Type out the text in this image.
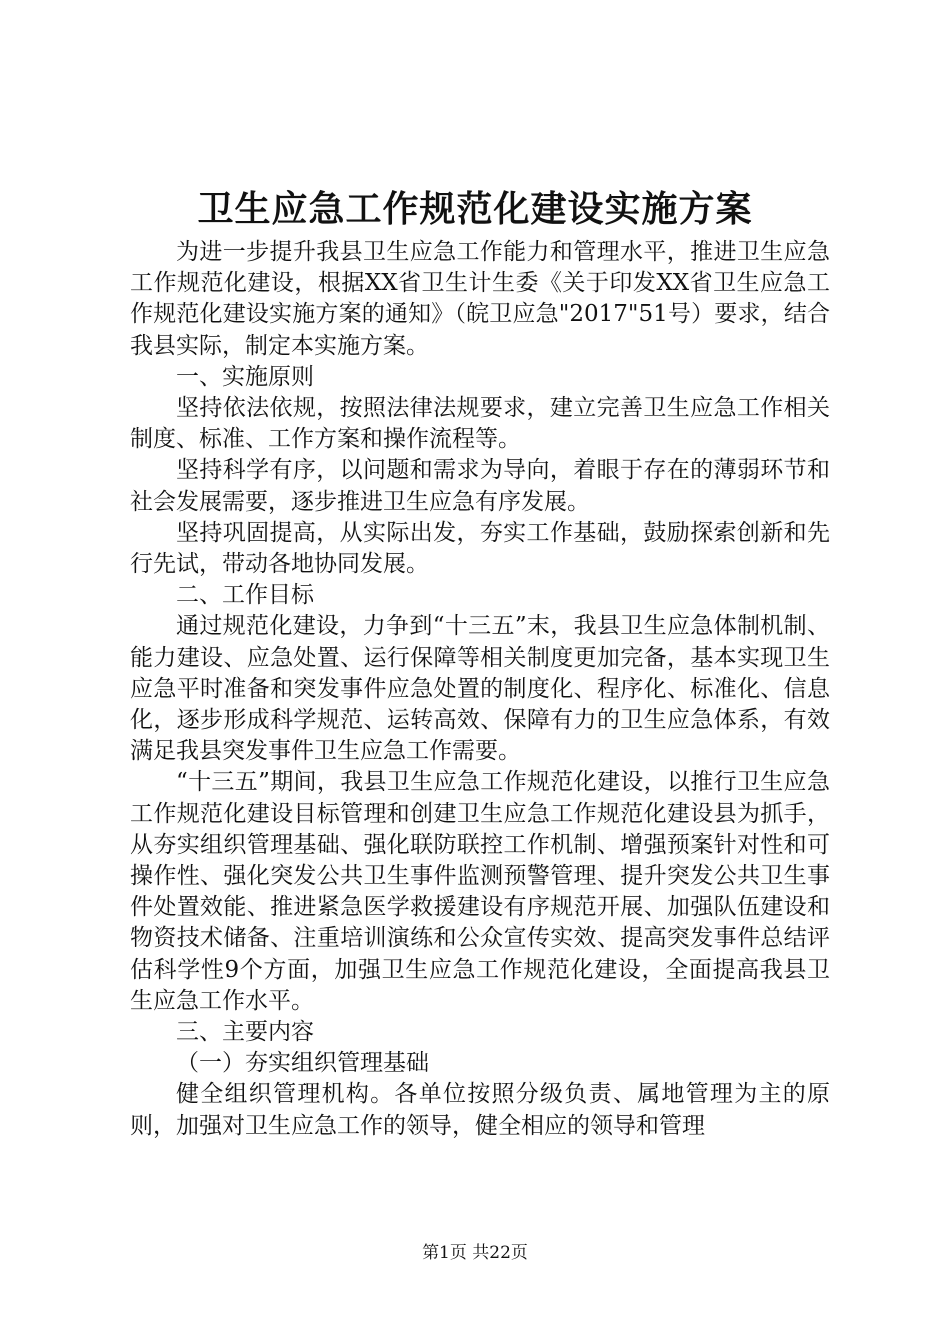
卫生应急工作规范化建设实施方案

为进一步提升我县卫生应急工作能力和管理水平，推进卫生应急工作规范化建设，根据XX省卫生计生委《关于印发XX省卫生应急工作规范化建设实施方案的通知》（皖卫应急"2017"51号）要求，结合我县实际，制定本实施方案。

一、实施原则

坚持依法依规，按照法律法规要求，建立完善卫生应急工作相关制度、标准、工作方案和操作流程等。

坚持科学有序，以问题和需求为导向，着眼于存在的薄弱环节和社会发展需要，逐步推进卫生应急有序发展。

坚持巩固提高，从实际出发，夯实工作基础，鼓励探索创新和先行先试，带动各地协同发展。

二、工作目标

通过规范化建设，力争到“十三五”末，我县卫生应急体制机制、能力建设、应急处置、运行保障等相关制度更加完备，基本实现卫生应急平时准备和突发事件应急处置的制度化、程序化、标准化、信息化，逐步形成科学规范、运转高效、保障有力的卫生应急体系，有效满足我县突发事件卫生应急工作需要。

“十三五”期间，我县卫生应急工作规范化建设，以推行卫生应急工作规范化建设目标管理和创建卫生应急工作规范化建设县为抓手，从夯实组织管理基础、强化联防联控工作机制、增强预案针对性和可操作性、强化突发公共卫生事件监测预警管理、提升突发公共卫生事件处置效能、推进紧急医学救援建设有序规范开展、加强队伍建设和物资技术储备、注重培训演练和公众宣传实效、提高突发事件总结评估科学性9个方面，加强卫生应急工作规范化建设，全面提高我县卫生应急工作水平。

三、主要内容

（一）夯实组织管理基础

健全组织管理机构。各单位按照分级负责、属地管理为主的原则，加强对卫生应急工作的领导，健全相应的领导和管理

第1页 共22页
